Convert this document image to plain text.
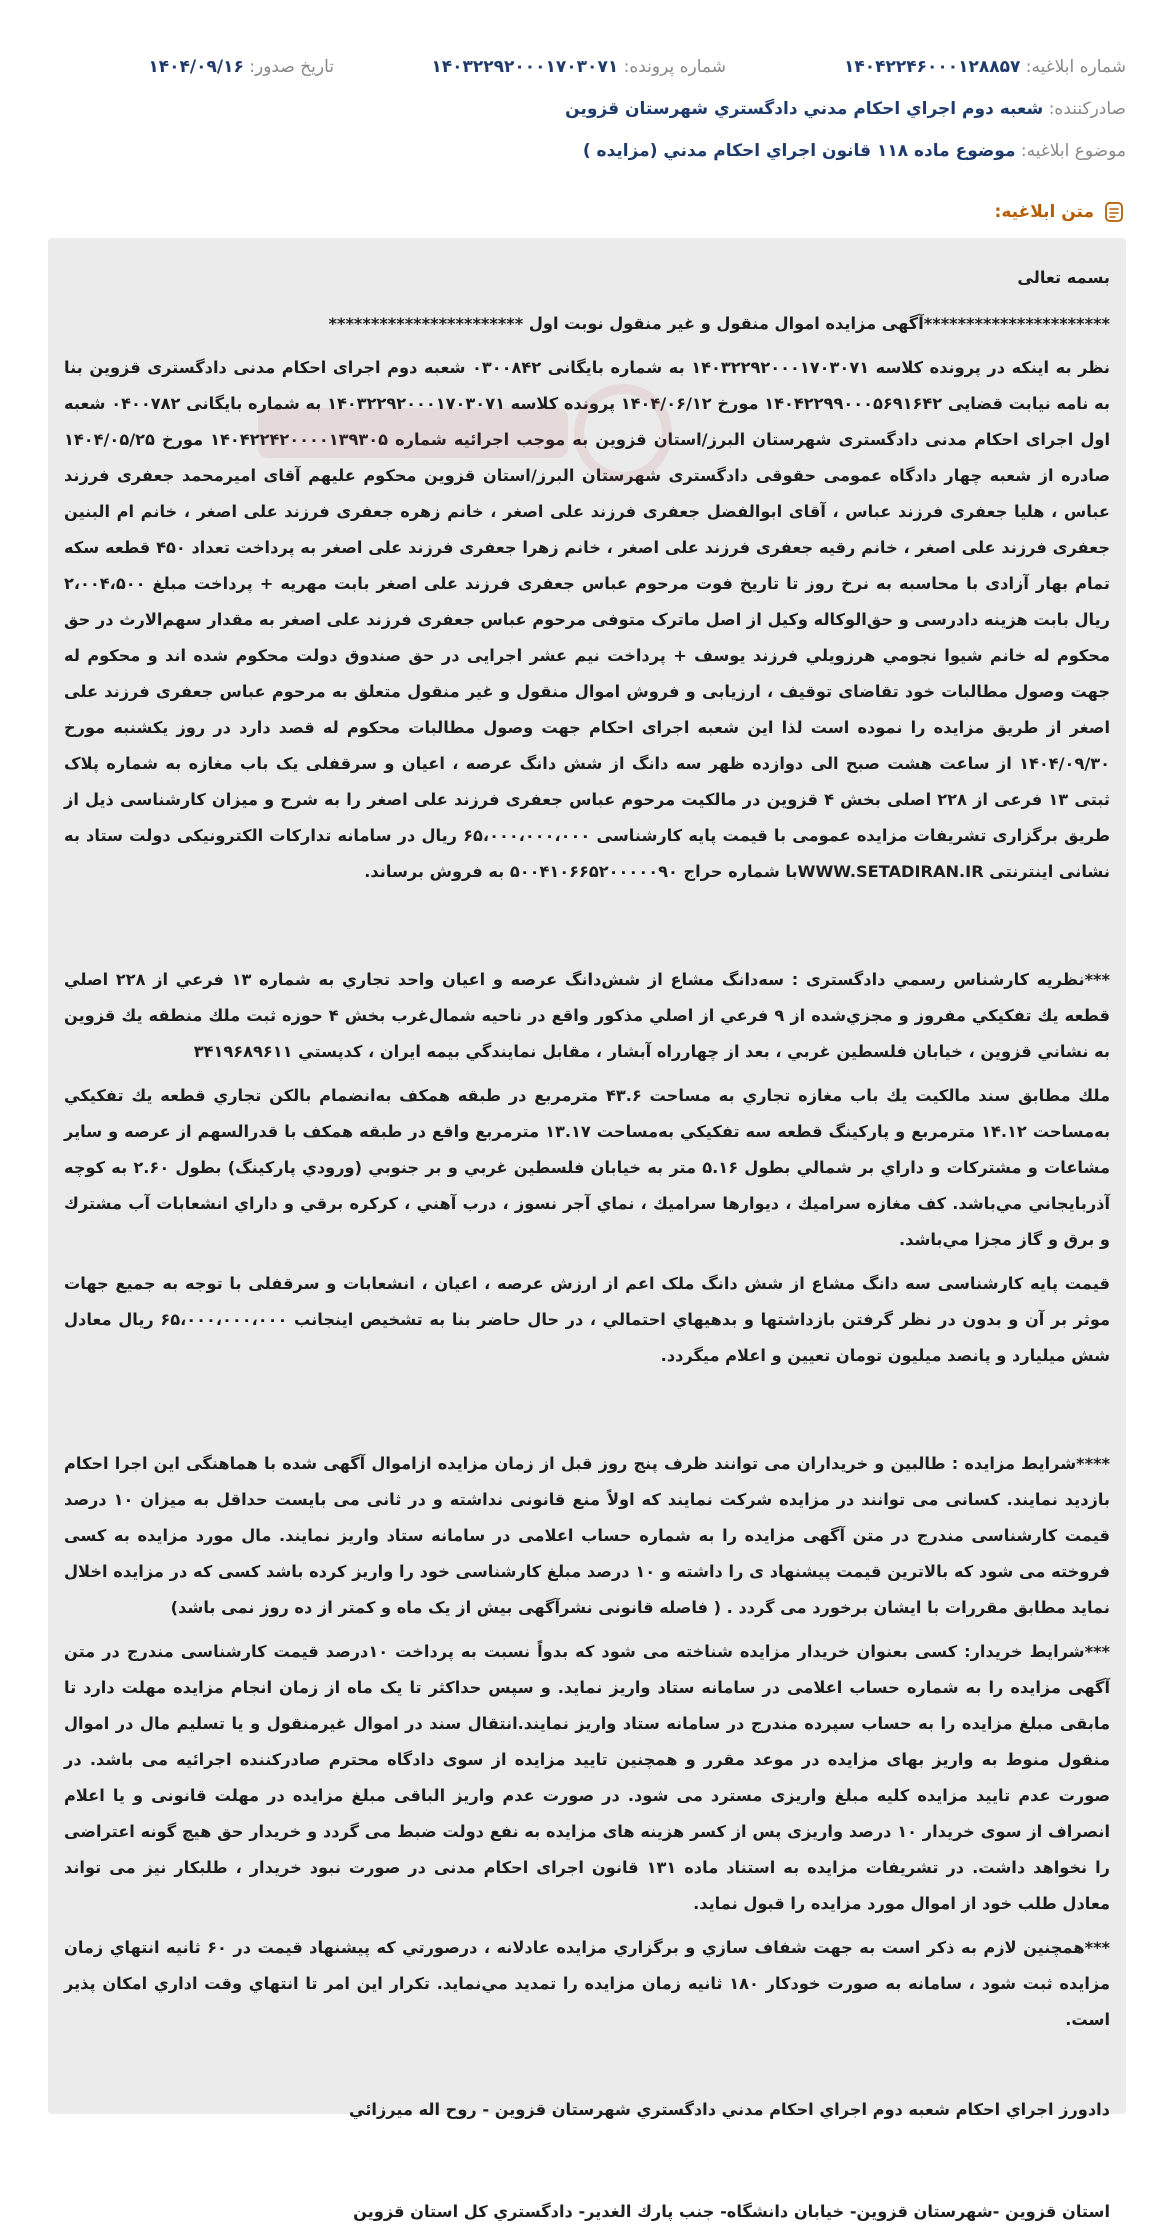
شماره ابلاغیه: ۱۴۰۴۲۲۴۶۰۰۰۱۲۸۸۵۷
شماره پرونده: ۱۴۰۳۲۲۹۲۰۰۰۱۷۰۳۰۷۱
تاریخ صدور: ۱۴۰۴/۰۹/۱۶
صادرکننده: شعبه دوم اجراي احكام مدني دادگستري شهرستان قزوين
موضوع ابلاغیه: موضوع ماده ۱۱۸ قانون اجراي احکام مدني (مزایده )
متن ابلاغیه:

بسمه تعالی

**********************آگهی مزایده اموال منقول و غیر منقول نوبت اول ***********************

نظر به اینکه در پرونده کلاسه ۱۴۰۳۲۲۹۲۰۰۰۱۷۰۳۰۷۱ به شماره بایگانی ۰۳۰۰۸۴۲ شعبه دوم اجرای احکام مدنی دادگستری قزوین بنا به نامه نیابت قضایی ۱۴۰۴۲۲۹۹۰۰۰۵۶۹۱۶۴۲ مورخ ۱۴۰۴/۰۶/۱۲ پرونده کلاسه ۱۴۰۳۲۲۹۲۰۰۰۱۷۰۳۰۷۱ به شماره بایگانی ۰۴۰۰۷۸۲ شعبه اول اجرای احکام مدنی دادگستری شهرستان البرز/استان قزوین به موجب اجرائیه شماره ۱۴۰۴۲۲۴۲۰۰۰۰۱۳۹۳۰۵ مورخ ۱۴۰۴/۰۵/۲۵ صادره از شعبه چهار دادگاه عمومی حقوقی دادگستری شهرستان البرز/استان قزوین محکوم علیهم آقای امیرمحمد جعفری فرزند عباس ، هلیا جعفری فرزند عباس ، آقای ابوالفضل جعفری فرزند علی اصغر ، خانم زهره جعفری فرزند علی اصغر ، خانم ام البنین جعفری فرزند علی اصغر ، خانم رقیه جعفری فرزند علی اصغر ، خانم زهرا جعفری فرزند علی اصغر به پرداخت تعداد ۴۵۰ قطعه سکه تمام بهار آزادی با محاسبه به نرخ روز تا تاریخ فوت مرحوم عباس جعفری فرزند علی اصغر بابت مهریه + پرداخت مبلغ ۲،۰۰۴،۵۰۰ ریال بابت هزینه دادرسی و حق‌الوکاله وکیل از اصل ماترک متوفی مرحوم عباس جعفری فرزند علی اصغر به مقدار سهم‌الارث در حق محکوم له خانم شیوا نجومي هرزويلي فرزند یوسف + پرداخت نیم عشر اجرایی در حق صندوق دولت محکوم شده اند و محکوم له جهت وصول مطالبات خود تقاضای توقیف ، ارزیابی و فروش اموال منقول و غیر منقول متعلق به مرحوم عباس جعفری فرزند علی اصغر از طریق مزایده را نموده است لذا این شعبه اجرای احکام جهت وصول مطالبات محکوم له قصد دارد در روز یکشنبه مورخ ۱۴۰۴/۰۹/۳۰ از ساعت هشت صبح الی دوازده ظهر سه دانگ از شش دانگ عرصه ، اعیان و سرقفلی یک باب مغازه به شماره پلاک ثبتی ۱۳ فرعی از ۲۲۸ اصلی بخش ۴ قزوین در مالکیت مرحوم عباس جعفری فرزند علی اصغر را به شرح و میزان کارشناسی ذیل از طریق برگزاری تشریفات مزایده عمومی با قیمت پایه کارشناسی ۶۵،۰۰۰،۰۰۰،۰۰۰ ریال در سامانه تدارکات الکترونیکی دولت ستاد به نشانی اینترنتی WWW.SETADIRAN.IRبا شماره حراج ۵۰۰۴۱۰۶۶۵۲۰۰۰۰۰۹۰ به فروش برساند.

***نظريه کارشناس رسمي دادگستری : سه‌دانگ مشاع از شش‌دانگ عرصه و اعيان واحد تجاري به شماره ۱۳ فرعي از ۲۲۸ اصلي قطعه يك تفكيكي مفروز و مجزي‌شده از ۹ فرعي از اصلي مذكور واقع در ناحيه شمال‌غرب بخش ۴ حوزه ثبت ملك منطقه يك قزوين به نشاني قزوين ، خيابان فلسطين غربي ، بعد از چهارراه آبشار ، مقابل نمايندگي بيمه ايران ، كدپستي ۳۴۱۹۶۸۹۶۱۱

ملك مطابق سند مالكيت يك باب مغازه تجاري به مساحت ۴۳.۶ مترمربع در طبقه همكف به‌انضمام بالكن تجاري قطعه يك تفكيكي به‌مساحت ۱۴.۱۲ مترمربع و پاركينگ قطعه سه تفكيكي به‌مساحت ۱۳.۱۷ مترمربع واقع در طبقه همكف با قدرالسهم از عرصه و ساير مشاعات و مشتركات و داراي بر شمالي بطول ۵.۱۶ متر به خيابان فلسطين غربي و بر جنوبي (ورودي پاركينگ) بطول ۲.۶۰ به كوچه آذربايجاني مي‌باشد. كف مغازه سراميك ، ديوارها سراميك ، نماي آجر نسوز ، درب آهني ، كركره برقي و داراي انشعابات آب مشترك و برق و گاز مجزا مي‌باشد.

قيمت پايه كارشناسی سه دانگ مشاع از شش دانگ ملک اعم از ارزش عرصه ، اعيان ، انشعابات و سرقفلی با توجه به جميع جهات موثر بر آن و بدون در نظر گرفتن بازداشتها و بدهيهاي احتمالي ، در حال حاضر بنا به تشخيص اينجانب ۶۵،۰۰۰،۰۰۰،۰۰۰ ريال معادل شش ميليارد و پانصد ميليون تومان تعيين و اعلام ميگردد.

****شرایط مزایده : طالبین و خریداران می توانند ظرف پنج روز قبل از زمان مزایده ازاموال آگهی شده با هماهنگی این اجرا احکام بازدید نمایند. کسانی می توانند در مزایده شرکت نمایند که اولاً منع قانونی نداشته و در ثانی می بایست حداقل به میزان ۱۰ درصد قیمت کارشناسی مندرج در متن آگهی مزایده را به شماره حساب اعلامی در سامانه ستاد واریز نمایند. مال مورد مزایده به کسی فروخته می شود که بالاترین قیمت پیشنهاد ی را داشته و ۱۰ درصد مبلغ کارشناسی خود را واریز کرده باشد کسی که در مزایده اخلال نماید مطابق مقررات با ایشان برخورد می گردد . ( فاصله قانونی نشرآگهی بیش از یک ماه و کمتر از ده روز نمی باشد)

***شرایط خریدار: کسی بعنوان خریدار مزایده شناخته می شود که بدواً نسبت به پرداخت ۱۰درصد قیمت کارشناسی مندرج در متن آگهی مزایده را به شماره حساب اعلامی در سامانه ستاد واریز نماید. و سپس حداکثر تا یک ماه از زمان انجام مزایده مهلت دارد تا مابقی مبلغ مزایده را به حساب سپرده مندرج در سامانه ستاد واریز نمایند.انتقال سند در اموال غیرمنقول و یا تسلیم مال در اموال منقول منوط به واریز بهای مزایده در موعد مقرر و همچنین تایید مزایده از سوی دادگاه محترم صادرکننده اجرائیه می باشد. در صورت عدم تایید مزایده کلیه مبلغ واریزی مسترد می شود. در صورت عدم واریز الباقی مبلغ مزایده در مهلت قانونی و یا اعلام انصراف از سوی خریدار ۱۰ درصد واریزی پس از کسر هزینه های مزایده به نفع دولت ضبط می گردد و خریدار حق هیچ گونه اعتراضی را نخواهد داشت. در تشریفات مزایده به استناد ماده ۱۳۱ قانون اجرای احکام مدنی در صورت نبود خریدار ، طلبکار نیز می تواند معادل طلب خود از اموال مورد مزایده را قبول نماید.

***همچنین لازم به ذکر است به جهت شفاف سازي و برگزاري مزايده عادلانه ، درصورتي كه پيشنهاد قيمت در ۶۰ ثانيه انتهاي زمان مزايده ثبت شود ، سامانه به صورت خودكار ۱۸۰ ثانيه زمان مزايده را تمديد مي‌نمايد. تكرار اين امر تا انتهاي وقت اداري امكان پذير است.

دادورز اجراي احكام شعبه دوم اجراي احكام مدني دادگستري شهرستان قزوين - روح اله ميرزائي

استان قزوين -شهرستان قزوين- خيابان دانشگاه- جنب پارك الغدير- دادگستري كل استان قزوين
